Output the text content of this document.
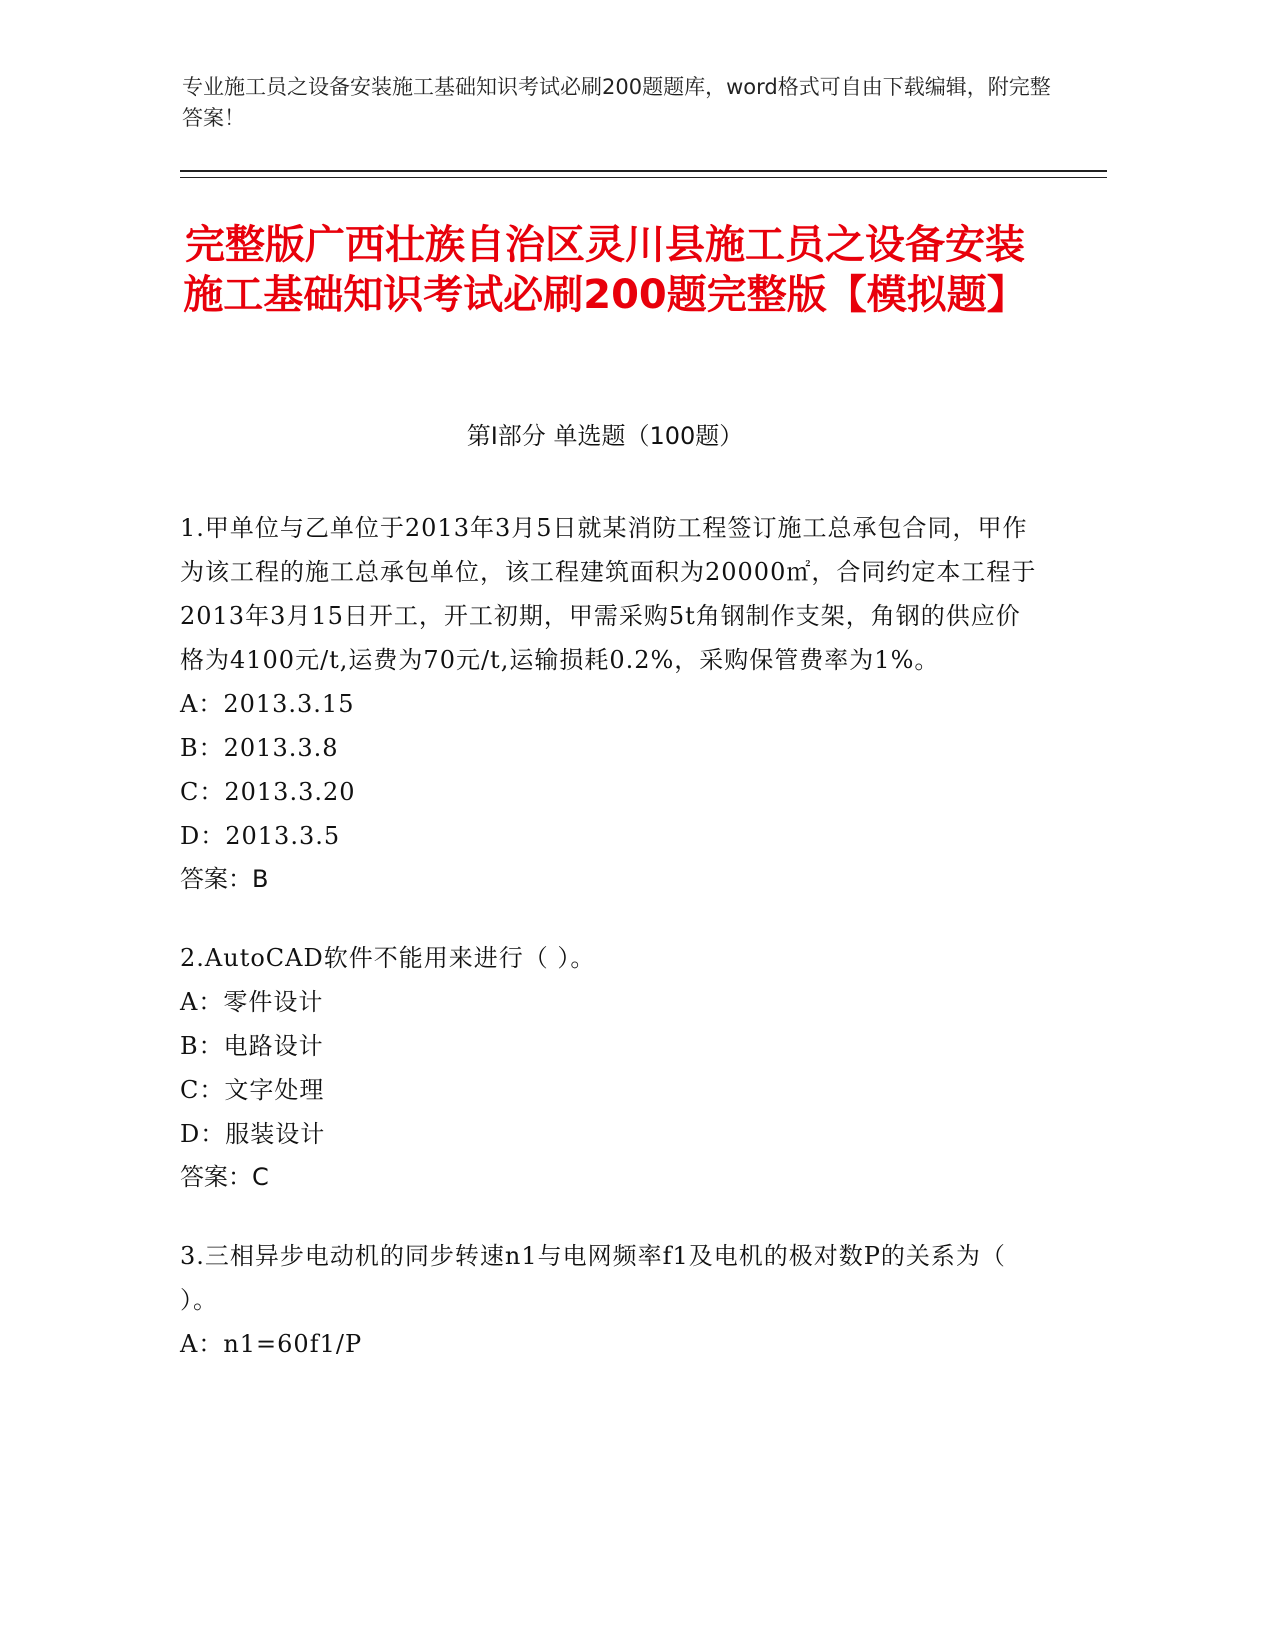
专业施工员之设备安装施工基础知识考试必刷200题题库，word格式可自由下载编辑，附完整答案！
完整版广西壮族自治区灵川县施工员之设备安装施工基础知识考试必刷200题完整版【模拟题】
第I部分 单选题（100题）

1.甲单位与乙单位于2013年3月5日就某消防工程签订施工总承包合同，甲作为该工程的施工总承包单位，该工程建筑面积为20000㎡，合同约定本工程于2013年3月15日开工，开工初期，甲需采购5t角钢制作支架，角钢的供应价格为4100元/t,运费为70元/t,运输损耗0.2%，采购保管费率为1%。

A：2013.3.15
B：2013.3.8
C：2013.3.20
D：2013.3.5
答案：B

2.AutoCAD软件不能用来进行（ ）。

A：零件设计
B：电路设计
C：文字处理
D：服装设计
答案：C

3.三相异步电动机的同步转速n1与电网频率f1及电机的极对数P的关系为（ ）。

A：n1=60f1/P
